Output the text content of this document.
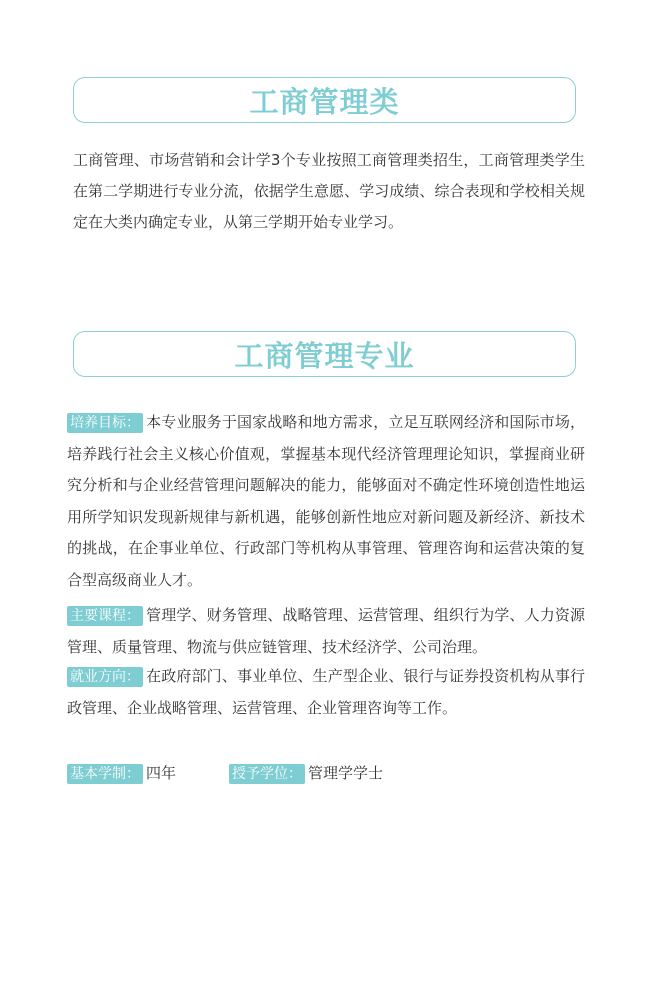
工商管理类

工商管理、市场营销和会计学3个专业按照工商管理类招生，工商管理类学生在第二学期进行专业分流，依据学生意愿、学习成绩、综合表现和学校相关规定在大类内确定专业，从第三学期开始专业学习。

工商管理专业

培养目标： 本专业服务于国家战略和地方需求，立足互联网经济和国际市场，培养践行社会主义核心价值观，掌握基本现代经济管理理论知识，掌握商业研究分析和与企业经营管理问题解决的能力，能够面对不确定性环境创造性地运用所学知识发现新规律与新机遇，能够创新性地应对新问题及新经济、新技术的挑战，在企事业单位、行政部门等机构从事管理、管理咨询和运营决策的复合型高级商业人才。

主要课程： 管理学、财务管理、战略管理、运营管理、组织行为学、人力资源管理、质量管理、物流与供应链管理、技术经济学、公司治理。

就业方向： 在政府部门、事业单位、生产型企业、银行与证券投资机构从事行政管理、企业战略管理、运营管理、企业管理咨询等工作。

基本学制： 四年	授予学位： 管理学学士
